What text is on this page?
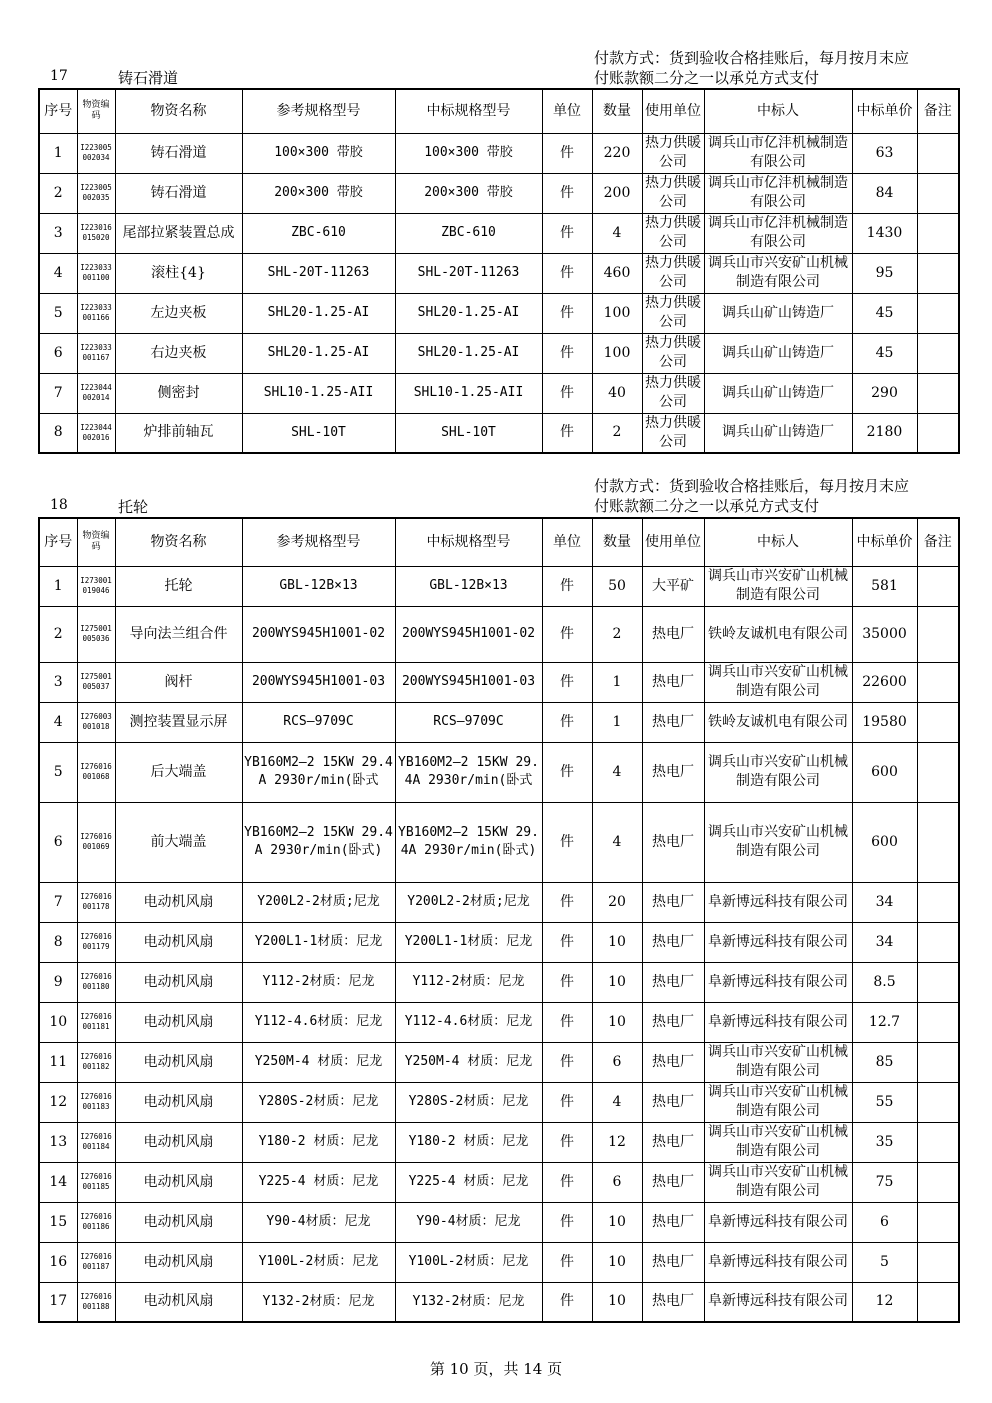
付款方式：货到验收合格挂账后，每月按月末应
付账款额二分之一以承兑方式支付
17	铸石滑道
序号	物资编码	物资名称	参考规格型号	中标规格型号	单位	数量	使用单位	中标人	中标单价	备注
1	I223005002034	铸石滑道	100×300 带胶	100×300 带胶	件	220	热力供暖公司	调兵山市亿沣机械制造有限公司	63	
2	I223005002035	铸石滑道	200×300 带胶	200×300 带胶	件	200	热力供暖公司	调兵山市亿沣机械制造有限公司	84	
3	I223016015020	尾部拉紧装置总成	ZBC-610	ZBC-610	件	4	热力供暖公司	调兵山市亿沣机械制造有限公司	1430	
4	I223033001100	滚柱{4}	SHL-20T-11263	SHL-20T-11263	件	460	热力供暖公司	调兵山市兴安矿山机械制造有限公司	95	
5	I223033001166	左边夹板	SHL20-1.25-AI	SHL20-1.25-AI	件	100	热力供暖公司	调兵山矿山铸造厂	45	
6	I223033001167	右边夹板	SHL20-1.25-AI	SHL20-1.25-AI	件	100	热力供暖公司	调兵山矿山铸造厂	45	
7	I223044002014	侧密封	SHL10-1.25-AII	SHL10-1.25-AII	件	40	热力供暖公司	调兵山矿山铸造厂	290	
8	I223044002016	炉排前轴瓦	SHL-10T	SHL-10T	件	2	热力供暖公司	调兵山矿山铸造厂	2180	
付款方式：货到验收合格挂账后，每月按月末应
付账款额二分之一以承兑方式支付
18	托轮
序号	物资编码	物资名称	参考规格型号	中标规格型号	单位	数量	使用单位	中标人	中标单价	备注
1	I273001019046	托轮	GBL-12B×13	GBL-12B×13	件	50	大平矿	调兵山市兴安矿山机械制造有限公司	581	
2	I275001005036	导向法兰组合件	200WYS945H1001-02	200WYS945H1001-02	件	2	热电厂	铁岭友诚机电有限公司	35000	
3	I275001005037	阀杆	200WYS945H1001-03	200WYS945H1001-03	件	1	热电厂	调兵山市兴安矿山机械制造有限公司	22600	
4	I276003001018	测控装置显示屏	RCS—9709C	RCS—9709C	件	1	热电厂	铁岭友诚机电有限公司	19580	
5	I276016001068	后大端盖	YB160M2—2 15KW 29.4A 2930r/min(卧式	YB160M2—2 15KW 29.4A 2930r/min(卧式	件	4	热电厂	调兵山市兴安矿山机械制造有限公司	600	
6	I276016001069	前大端盖	YB160M2—2 15KW 29.4A 2930r/min(卧式)	YB160M2—2 15KW 29.4A 2930r/min(卧式)	件	4	热电厂	调兵山市兴安矿山机械制造有限公司	600	
7	I276016001178	电动机风扇	Y200L2-2材质;尼龙	Y200L2-2材质;尼龙	件	20	热电厂	阜新博远科技有限公司	34	
8	I276016001179	电动机风扇	Y200L1-1材质：尼龙	Y200L1-1材质：尼龙	件	10	热电厂	阜新博远科技有限公司	34	
9	I276016001180	电动机风扇	Y112-2材质：尼龙	Y112-2材质：尼龙	件	10	热电厂	阜新博远科技有限公司	8.5	
10	I276016001181	电动机风扇	Y112-4.6材质：尼龙	Y112-4.6材质：尼龙	件	10	热电厂	阜新博远科技有限公司	12.7	
11	I276016001182	电动机风扇	Y250M-4 材质：尼龙	Y250M-4 材质：尼龙	件	6	热电厂	调兵山市兴安矿山机械制造有限公司	85	
12	I276016001183	电动机风扇	Y280S-2材质：尼龙	Y280S-2材质：尼龙	件	4	热电厂	调兵山市兴安矿山机械制造有限公司	55	
13	I276016001184	电动机风扇	Y180-2 材质：尼龙	Y180-2 材质：尼龙	件	12	热电厂	调兵山市兴安矿山机械制造有限公司	35	
14	I276016001185	电动机风扇	Y225-4 材质：尼龙	Y225-4 材质：尼龙	件	6	热电厂	调兵山市兴安矿山机械制造有限公司	75	
15	I276016001186	电动机风扇	Y90-4材质：尼龙	Y90-4材质：尼龙	件	10	热电厂	阜新博远科技有限公司	6	
16	I276016001187	电动机风扇	Y100L-2材质：尼龙	Y100L-2材质：尼龙	件	10	热电厂	阜新博远科技有限公司	5	
17	I276016001188	电动机风扇	Y132-2材质：尼龙	Y132-2材质：尼龙	件	10	热电厂	阜新博远科技有限公司	12	
第 10 页，共 14 页
